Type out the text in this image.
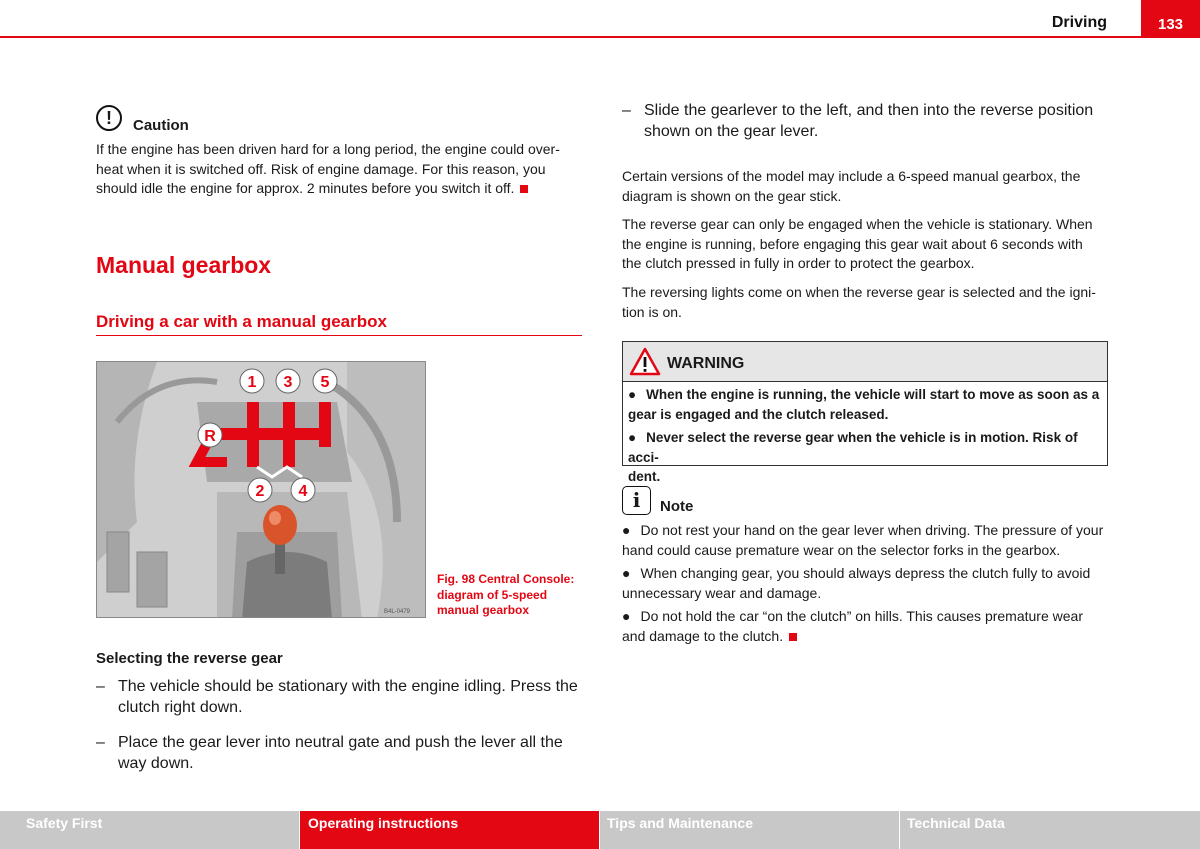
Driving	133
!	Caution
If the engine has been driven hard for a long period, the engine could over-
heat when it is switched off. Risk of engine damage. For this reason, you
should idle the engine for approx. 2 minutes before you switch it off.
Manual gearbox
Driving a car with a manual gearbox
1 3 5
R
2 4
B4L-0479
Fig. 98 Central Console:
diagram of 5-speed
manual gearbox
Selecting the reverse gear
– The vehicle should be stationary with the engine idling. Press the
clutch right down.
– Place the gear lever into neutral gate and push the lever all the
way down.
– Slide the gearlever to the left, and then into the reverse position
shown on the gear lever.
Certain versions of the model may include a 6-speed manual gearbox, the
diagram is shown on the gear stick.
The reverse gear can only be engaged when the vehicle is stationary. When
the engine is running, before engaging this gear wait about 6 seconds with
the clutch pressed in fully in order to protect the gearbox.
The reversing lights come on when the reverse gear is selected and the igni-
tion is on.
WARNING
● When the engine is running, the vehicle will start to move as soon as a
gear is engaged and the clutch released.
● Never select the reverse gear when the vehicle is in motion. Risk of acci-
dent.
i	Note
● Do not rest your hand on the gear lever when driving. The pressure of your
hand could cause premature wear on the selector forks in the gearbox.
● When changing gear, you should always depress the clutch fully to avoid
unnecessary wear and damage.
● Do not hold the car “on the clutch” on hills. This causes premature wear
and damage to the clutch.
Safety First	Operating instructions	Tips and Maintenance	Technical Data
